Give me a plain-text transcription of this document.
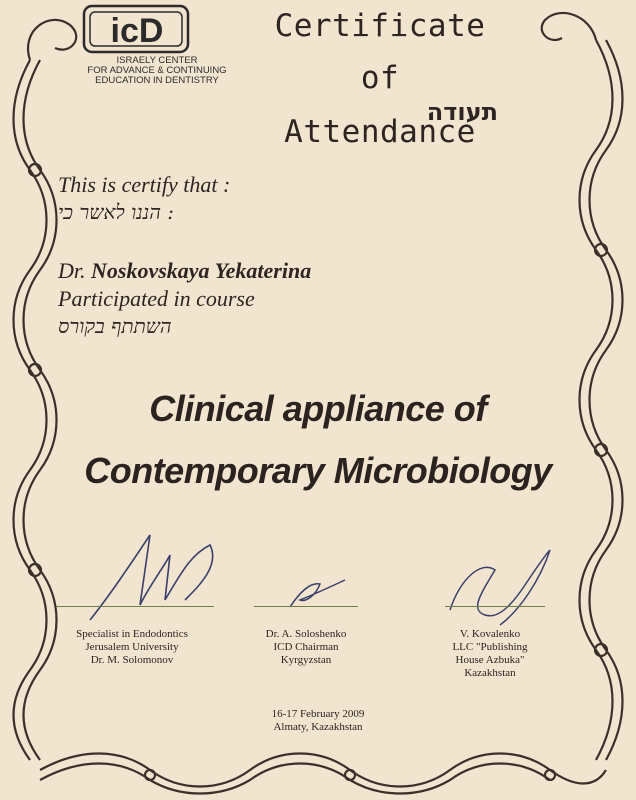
icD
ISRAELY CENTER
FOR ADVANCE & CONTINUING
EDUCATION IN DENTISTRY
Certificate of
Attendance
תעודה
This is certify that :
: הננו לאשר כי
Dr. Noskovskaya Yekaterina
Participated in course
השתתף בקורס
Clinical appliance of
Contemporary Microbiology
Specialist in Endodontics
Jerusalem University
Dr. M. Solomonov
Dr. A. Soloshenko
ICD Chairman
Kyrgyzstan
V. Kovalenko
LLC "Publishing
House Azbuka"
Kazakhstan
16-17 February 2009
Almaty, Kazakhstan
